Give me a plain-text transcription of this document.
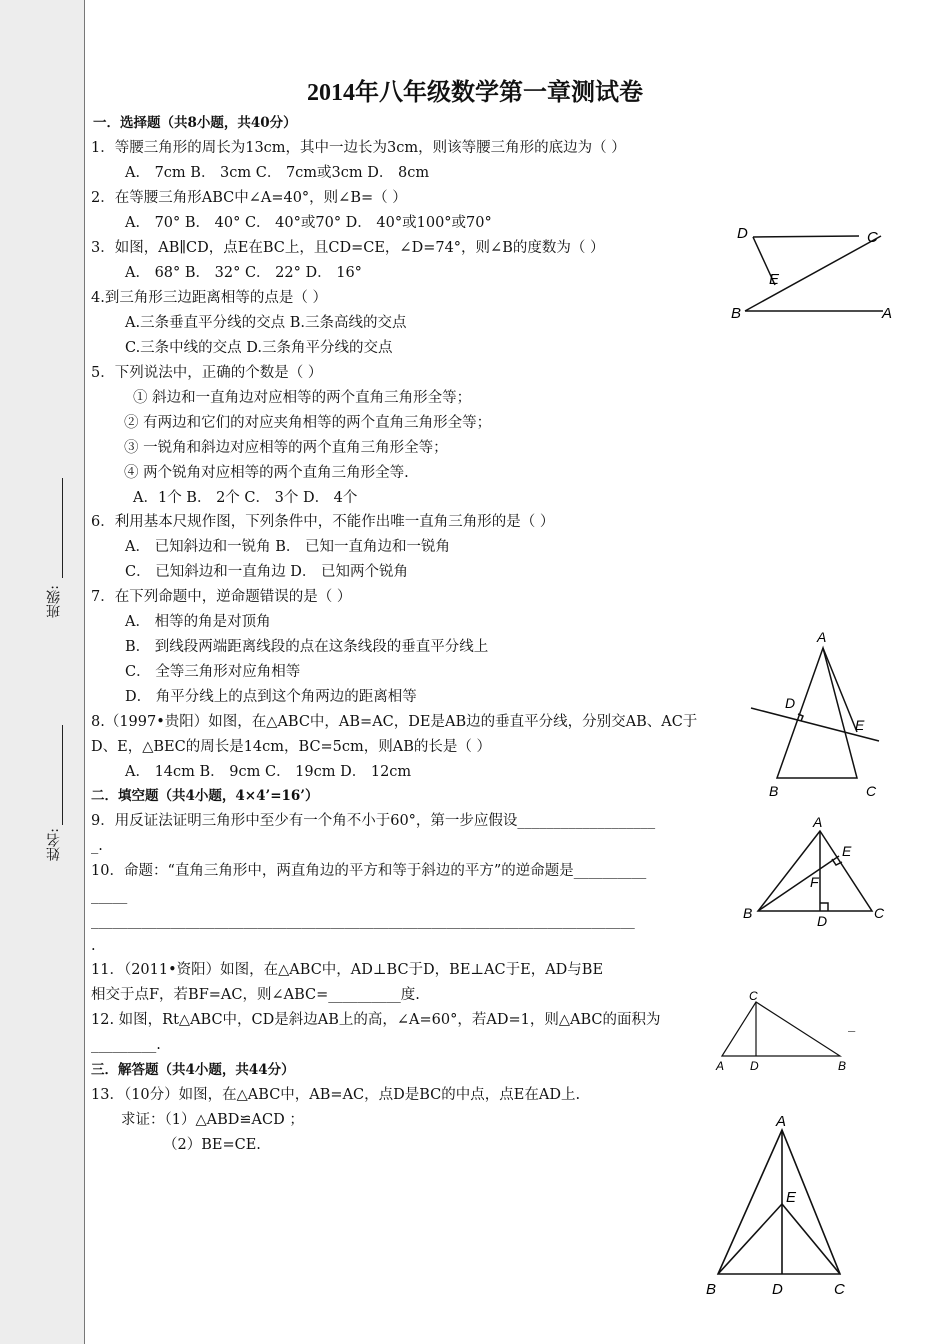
班级:
姓名:
2014年八年级数学第一章测试卷
一．选择题（共8小题，共40分）
1．等腰三角形的周长为13cm，其中一边长为3cm，则该等腰三角形的底边为（ ）
A． 7cm B． 3cm C． 7cm或3cm D． 8cm
2．在等腰三角形ABC中∠A=40°，则∠B=（ ）
A． 70° B． 40° C． 40°或70° D． 40°或100°或70°
3．如图，AB∥CD，点E在BC上，且CD=CE，∠D=74°，则∠B的度数为（ ）
A． 68° B． 32° C． 22° D． 16°
4.到三角形三边距离相等的点是（ ）
A.三条垂直平分线的交点 B.三条高线的交点
C.三条中线的交点 D.三条角平分线的交点
5．下列说法中，正确的个数是（ ）
① 斜边和一直角边对应相等的两个直角三角形全等；
② 有两边和它们的对应夹角相等的两个直角三角形全等；
③ 一锐角和斜边对应相等的两个直角三角形全等；
④ 两个锐角对应相等的两个直角三角形全等.
A．1个 B． 2个 C． 3个 D． 4个
6．利用基本尺规作图，下列条件中，不能作出唯一直角三角形的是（ ）
A． 已知斜边和一锐角 B． 已知一直角边和一锐角
C． 已知斜边和一直角边 D． 已知两个锐角
7．在下列命题中，逆命题错误的是（ ）
A． 相等的角是对顶角
B． 到线段两端距离线段的点在这条线段的垂直平分线上
C． 全等三角形对应角相等
D． 角平分线上的点到这个角两边的距离相等
8.（1997•贵阳）如图，在△ABC中，AB=AC，DE是AB边的垂直平分线，分别交AB、AC于
D、E，△BEC的周长是14cm，BC=5cm，则AB的长是（ ）
A． 14cm B． 9cm C． 19cm D． 12cm
二．填空题（共4小题，4×4’=16’）
9．用反证法证明三角形中至少有一个角不小于60°，第一步应假设___________________
_.
10．命题：“直角三角形中，两直角边的平方和等于斜边的平方”的逆命题是__________
_____
___________________________________________________________________________
.
11．（2011•资阳）如图，在△ABC中，AD⊥BC于D，BE⊥AC于E，AD与BE
相交于点F，若BF=AC，则∠ABC=__________度.
12. 如图，Rt△ABC中，CD是斜边AB上的高，∠A=60°，若AD=1，则△ABC的面积为	_
_________.
三．解答题（共4小题，共44分）
13．（10分）如图，在△ABC中，AB=AC，点D是BC的中点，点E在AD上.
求证：（1）△ABD≌ACD ；
（2）BE=CE.
D	C
E
B	A
A
D
E
B	C
A
E
F
B	D	C
C
A D	B
A
E
B	D	C
